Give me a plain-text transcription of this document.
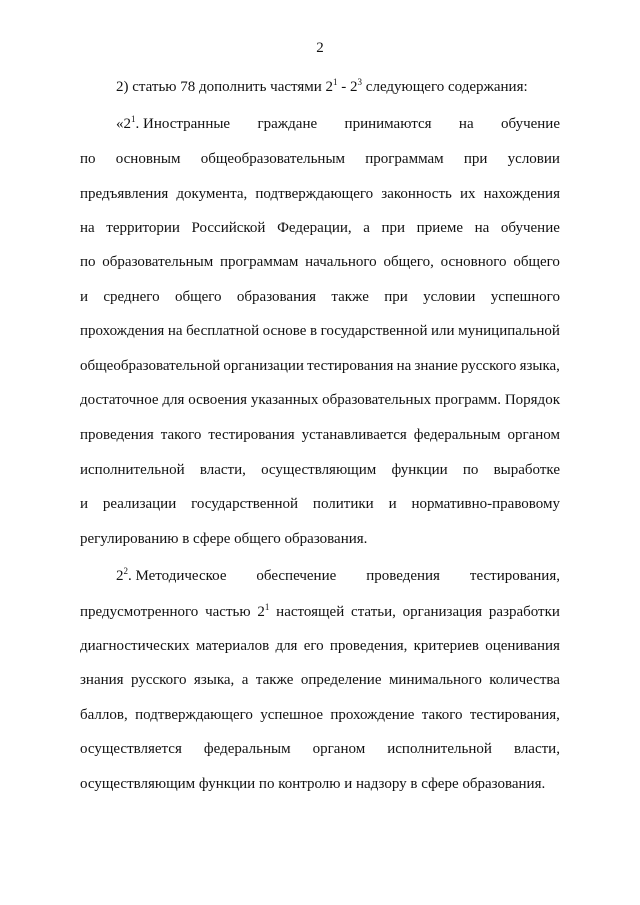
2
2) статью 78 дополнить частями $2^1 - 2^3$ следующего содержания:
«$2^1$. Иностранные граждане принимаются на обучение
по основным общеобразовательным программам при условии
предъявления документа, подтверждающего законность их нахождения
на территории Российской Федерации, а при приеме на обучение
по образовательным программам начального общего, основного общего
и среднего общего образования также при условии успешного
прохождения на бесплатной основе в государственной или муниципальной
общеобразовательной организации тестирования на знание русского языка,
достаточное для освоения указанных образовательных программ. Порядок
проведения такого тестирования устанавливается федеральным органом
исполнительной власти, осуществляющим функции по выработке
и реализации государственной политики и нормативно-правовому
регулированию в сфере общего образования.
$2^2$. Методическое обеспечение проведения тестирования,
предусмотренного частью $2^1$ настоящей статьи, организация разработки
диагностических материалов для его проведения, критериев оценивания
знания русского языка, а также определение минимального количества
баллов, подтверждающего успешное прохождение такого тестирования,
осуществляется федеральным органом исполнительной власти,
осуществляющим функции по контролю и надзору в сфере образования.
